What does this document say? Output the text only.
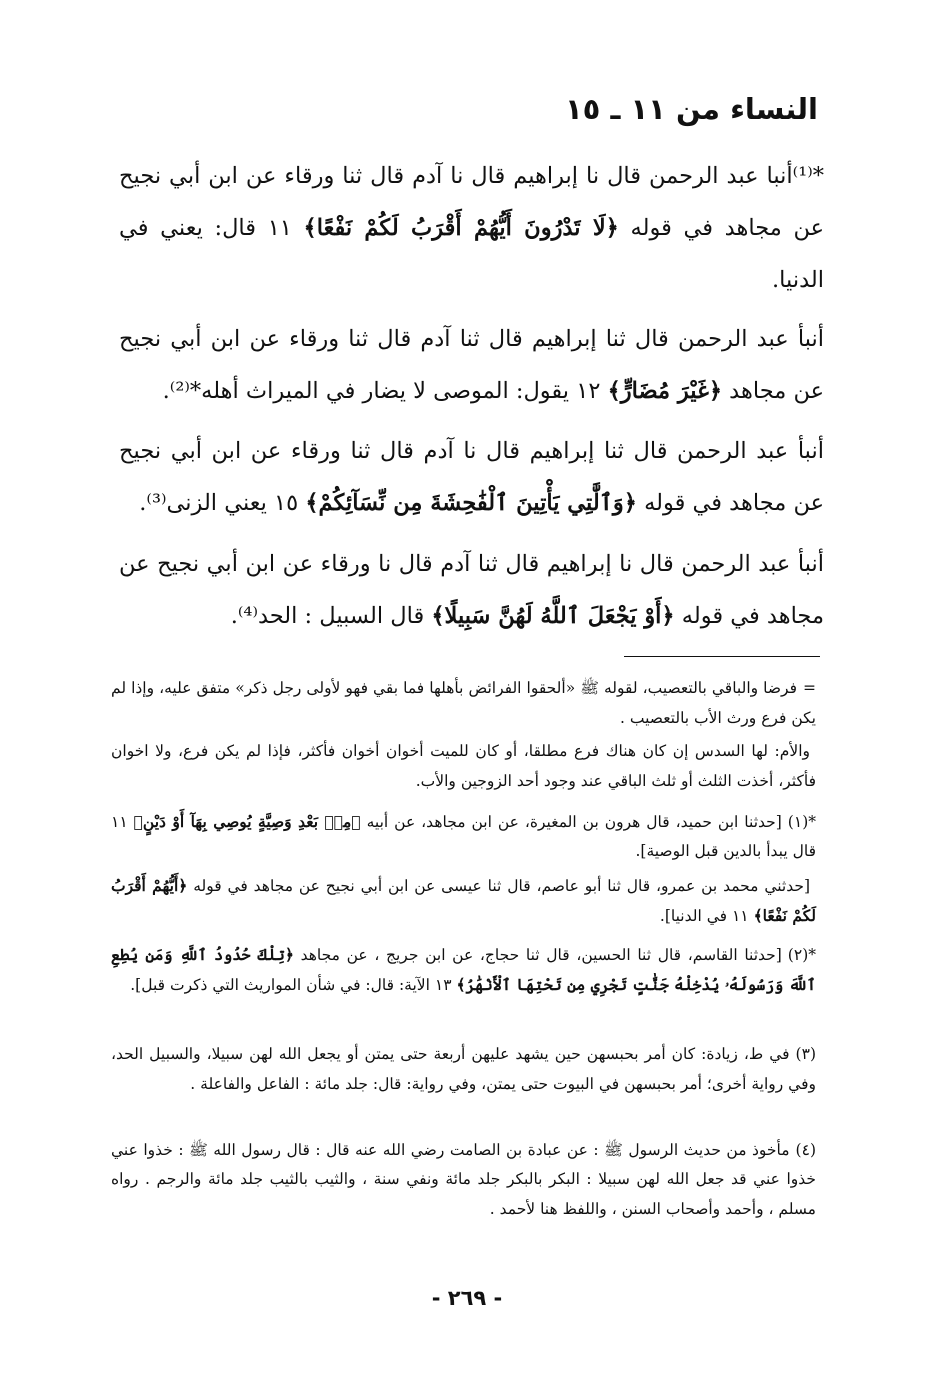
النساء من ١١ ـ ١٥
*⁽¹⁾أنبا عبد الرحمن قال نا إبراهيم قال نا آدم قال ثنا ورقاء عن ابن أبي نجيح عن مجاهد في قوله ﴿لَا تَدْرُونَ أَيُّهُمْ أَقْرَبُ لَكُمْ نَفْعًا﴾ ١١ قال: يعني في الدنيا.
أنبأ عبد الرحمن قال ثنا إبراهيم قال ثنا آدم قال ثنا ورقاء عن ابن أبي نجيح عن مجاهد ﴿غَيْرَ مُضَارٍّ﴾ ١٢ يقول: الموصى لا يضار في الميراث أهله*⁽²⁾.
أنبأ عبد الرحمن قال ثنا إبراهيم قال نا آدم قال ثنا ورقاء عن ابن أبي نجيح عن مجاهد في قوله ﴿وَٱلَّٰتِي يَأْتِينَ ٱلْفَٰحِشَةَ مِن نِّسَآئِكُمْ﴾ ١٥ يعني الزنى⁽³⁾.
أنبأ عبد الرحمن قال نا إبراهيم قال ثنا آدم قال نا ورقاء عن ابن أبي نجيح عن مجاهد في قوله ﴿أَوْ يَجْعَلَ ٱللَّهُ لَهُنَّ سَبِيلًا﴾ قال السبيل : الحد⁽⁴⁾.
=فرضا والباقي بالتعصيب، لقوله ﷺ «ألحقوا الفرائض بأهلها فما بقي فهو لأولى رجل ذكر» متفق عليه، وإذا لم يكن فرع ورث الأب بالتعصيب .
والأم: لها السدس إن كان هناك فرع مطلقا، أو كان للميت أخوان أخوان فأكثر، فإذا لم يكن فرع، ولا اخوان فأكثر، أخذت الثلث أو ثلث الباقي عند وجود أحد الزوجين والأب.
*(١)[حدثنا ابن حميد، قال هرون بن المغيرة، عن ابن مجاهد، عن أبيه ﴿مِنۢ بَعْدِ وَصِيَّةٍ يُوصِي بِهَآ أَوْ دَيْنٍ﴾ ١١ قال يبدأ بالدين قبل الوصية].
[حدثني محمد بن عمرو، قال ثنا أبو عاصم، قال ثنا عيسى عن ابن أبي نجيح عن مجاهد في قوله ﴿أَيُّهُمْ أَقْرَبُ لَكُمْ نَفْعًا﴾ ١١ في الدنيا].
*(٢)[حدثنا القاسم، قال ثنا الحسين، قال ثنا حجاج، عن ابن جريج ، عن مجاهد ﴿تِلْكَ حُدُودُ ٱللَّهِ وَمَن يُطِعِ ٱللَّهَ وَرَسُولَهُۥ يُدْخِلْهُ جَنَّٰتٍ تَجْرِي مِن تَحْتِهَا ٱلْأَنْهَٰرُ﴾ ١٣ الآية: قال: في شأن المواريث التي ذكرت قبل].
(٣)في ط، زيادة: كان أمر بحبسهن حين يشهد عليهن أربعة حتى يمتن أو يجعل الله لهن سبيلا، والسبيل الحد، وفي رواية أخرى؛ أمر بحبسهن في البيوت حتى يمتن، وفي رواية: قال: جلد مائة : الفاعل والفاعلة .
(٤)مأخوذ من حديث الرسول ﷺ : عن عبادة بن الصامت رضي الله عنه قال : قال رسول الله ﷺ : خذوا عني خذوا عني قد جعل الله لهن سبيلا : البكر بالبكر جلد مائة ونفي سنة ، والثيب بالثيب جلد مائة والرجم . رواه مسلم ، وأحمد وأصحاب السنن ، واللفظ هنا لأحمد .
- ٢٦٩ -
